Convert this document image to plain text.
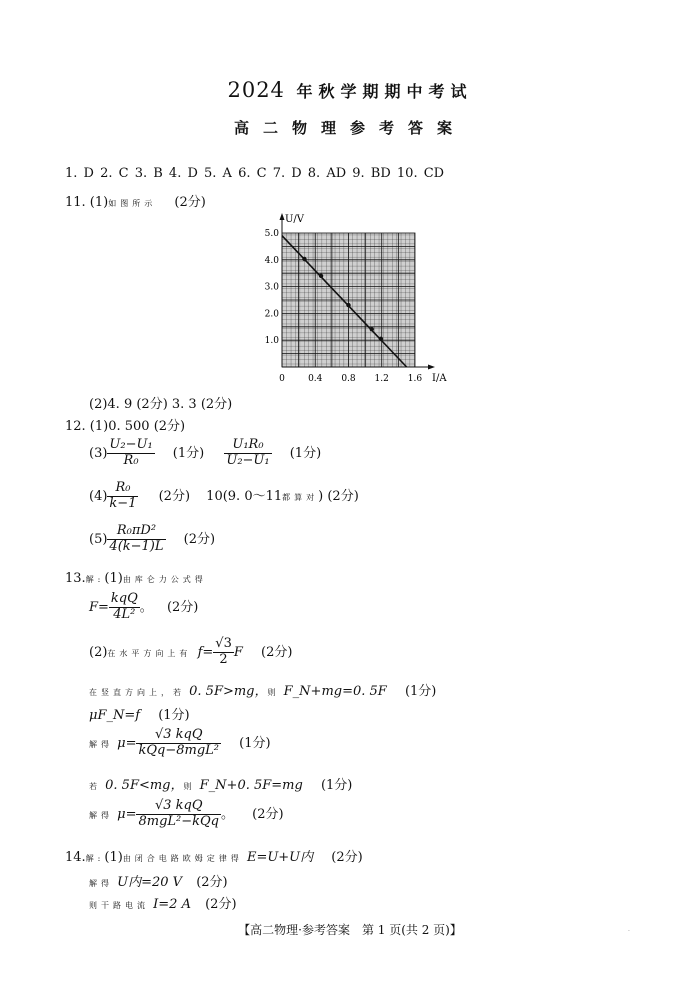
2024 年秋学期期中考试
高二物理参考答案
1. D 2. C 3. B 4. D 5. A 6. C 7. D 8. AD 9. BD 10. CD
11. (1)如图所示 (2分)
U/V
I/A
0	0.4 0.8 1.2 1.6
1.0
2.0
3.0
4.0
5.0
(2)4. 9 (2分) 3. 3 (2分)
12. (1)0. 500 (2分)
$(3) \frac{\text{U₂−U₁}}{\text{R₀}} (1$分) $\frac{\text{U₁R₀}}{\text{U₂−U₁}} (1$分)
$(4) \frac{\text{R₀}}{k-1} (2$分) 10(9. 0～11都算对) (2分)
$(5) \frac{\text{R₀πD²}}{4(k-1)L} (2$分)
13.解:(1)由库仑力公式得
$F= \frac{\text{kqQ}}{\text{4L²}}$ 。 (2分)
(2)在水平方向上有 $f= \frac{√3}{2}$ F (2分)
在竖直方向上，若 0. 5F>mg，则 F_N+mg=0. 5F (1分)
μF_N=f (1分)
解得 $\mu= \frac{\text{√3 kqQ}}{\text{kQq−8mgL²}} (1$分)
若 0. 5F<mg，则 F_N+0. 5F=mg (1分)
解得 $\mu= \frac{\text{√3 kqQ}}{\text{8mgL²−kQq}}$ 。 (2分)
14.解:(1)由闭合电路欧姆定律得 E=U+U内 (2分)
解得 U内=20 V (2分)
则干路电流 I=2 A (2分)
【高二物理·参考答案　第 1 页(共 2 页)】	·
